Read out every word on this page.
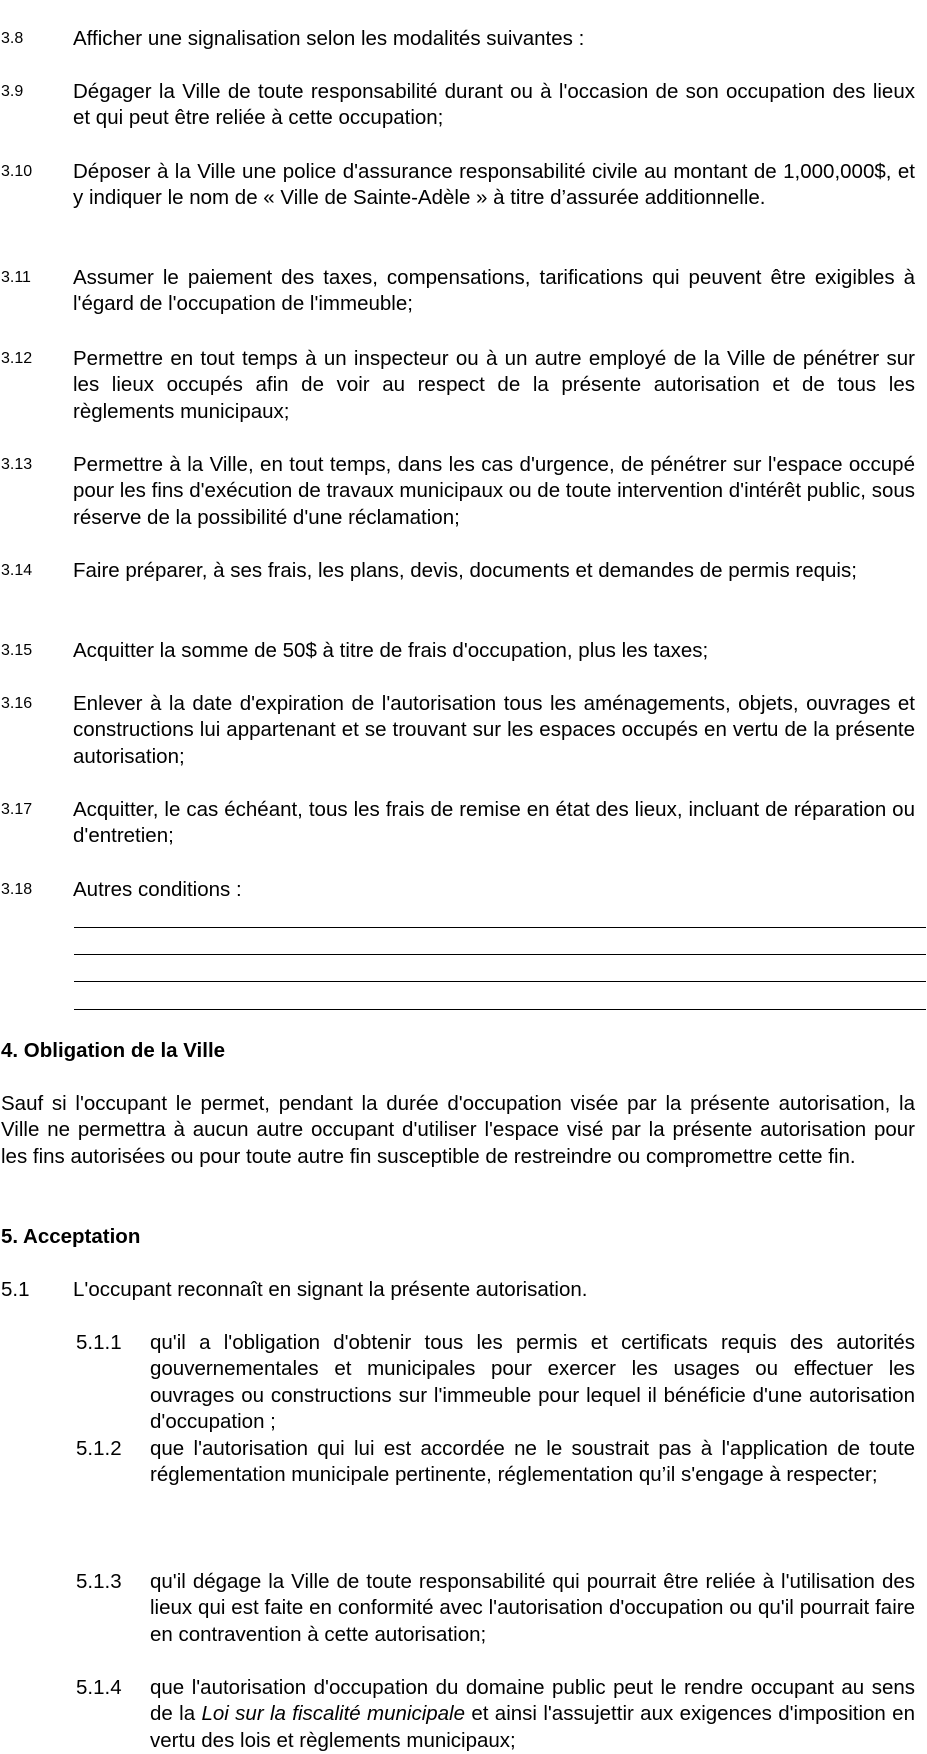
3.8 Afficher une signalisation selon les modalités suivantes :
3.9 Dégager la Ville de toute responsabilité durant ou à l'occasion de son occupation des lieux et qui peut être reliée à cette occupation;
3.10 Déposer à la Ville une police d'assurance responsabilité civile au montant de 1,000,000$, et y indiquer le nom de « Ville de Sainte-Adèle » à titre d’assurée additionnelle.
3.11 Assumer le paiement des taxes, compensations, tarifications qui peuvent être exigibles à l'égard de l'occupation de l'immeuble;
3.12 Permettre en tout temps à un inspecteur ou à un autre employé de la Ville de pénétrer sur les lieux occupés afin de voir au respect de la présente autorisation et de tous les règlements municipaux;
3.13 Permettre à la Ville, en tout temps, dans les cas d'urgence, de pénétrer sur l'espace occupé pour les fins d'exécution de travaux municipaux ou de toute intervention d'intérêt public, sous réserve de la possibilité d'une réclamation;
3.14 Faire préparer, à ses frais, les plans, devis, documents et demandes de permis requis;
3.15 Acquitter la somme de 50$ à titre de frais d'occupation, plus les taxes;
3.16 Enlever à la date d'expiration de l'autorisation tous les aménagements, objets, ouvrages et constructions lui appartenant et se trouvant sur les espaces occupés en vertu de la présente autorisation;
3.17 Acquitter, le cas échéant, tous les frais de remise en état des lieux, incluant de réparation ou d'entretien;
3.18 Autres conditions :
4. Obligation de la Ville
Sauf si l'occupant le permet, pendant la durée d'occupation visée par la présente autorisation, la Ville ne permettra à aucun autre occupant d'utiliser l'espace visé par la présente autorisation pour les fins autorisées ou pour toute autre fin susceptible de restreindre ou compromettre cette fin.
5. Acceptation
5.1 L'occupant reconnaît en signant la présente autorisation.
5.1.1 qu'il a l'obligation d'obtenir tous les permis et certificats requis des autorités gouvernementales et municipales pour exercer les usages ou effectuer les ouvrages ou constructions sur l'immeuble pour lequel il bénéficie d'une autorisation d'occupation ;
5.1.2 que l'autorisation qui lui est accordée ne le soustrait pas à l'application de toute réglementation municipale pertinente, réglementation qu’il s'engage à respecter;
5.1.3 qu'il dégage la Ville de toute responsabilité qui pourrait être reliée à l'utilisation des lieux qui est faite en conformité avec l'autorisation d'occupation ou qu'il pourrait faire en contravention à cette autorisation;
5.1.4 que l'autorisation d'occupation du domaine public peut le rendre occupant au sens de la Loi sur la fiscalité municipale et ainsi l'assujettir aux exigences d'imposition en vertu des lois et règlements municipaux;
